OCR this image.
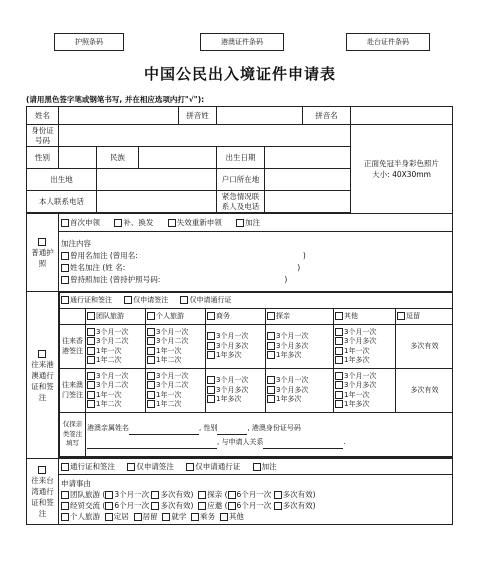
护照条码	港澳证件条码	赴台证件条码
中国公民出入境证件申请表
(请用黑色签字笔或钢笔书写, 并在相应选项内打"√"):
姓名		拼音姓		拼音名	
身份证号码		正面免冠半身彩色照片
大小: 40X30mm
性别		民族		出生日期	
出生地		户口所在地	
本人联系电话		紧急情况联系人及电话	

普通护照	首次申领	补、换发	失效重新申领	加注
加注内容
曾用名加注 (曾用名:	)
姓名加注 (姓 名:	)
曾持照加注 (曾持护照号码:	)

往来港澳通行证和签注	
通行证和签注	仅申请签注	仅申请通行证
	团队旅游	个人旅游	商务	探亲	其他	逗留
往来香港签注	
3个月一次
3个月二次
1年一次
1年二次

3个月一次
3个月二次
1年一次
1年二次

3个月一次
3个月多次
1年多次

3个月一次
3个月多次
1年多次

3个月一次
3个月多次
1年一次
1年多次
	多次有效
往来澳门签注	
3个月一次
3个月二次
1年一次
1年二次

3个月一次
3个月二次
1年一次
1年二次

3个月一次
3个月多次
1年多次

3个月一次
3个月多次
1年多次

3个月一次
3个月多次
1年一次
1年多次
	多次有效
仅探亲类签注填写	港澳亲属姓名	, 性别	, 港澳身份证号码
, 与申请人关系	.

往来台湾通行证和签注	通行证和签注	仅申请签注	仅申请通行证	加注
申请事由
团队旅游 ( 3个月一次 多次有效) 探亲 ( 6个月一次 多次有效)
经贸交流 ( 6个月一次 多次有效) 应邀 ( 6个月一次 多次有效)
个人旅游 定居 居留 就学 乘务 其他
